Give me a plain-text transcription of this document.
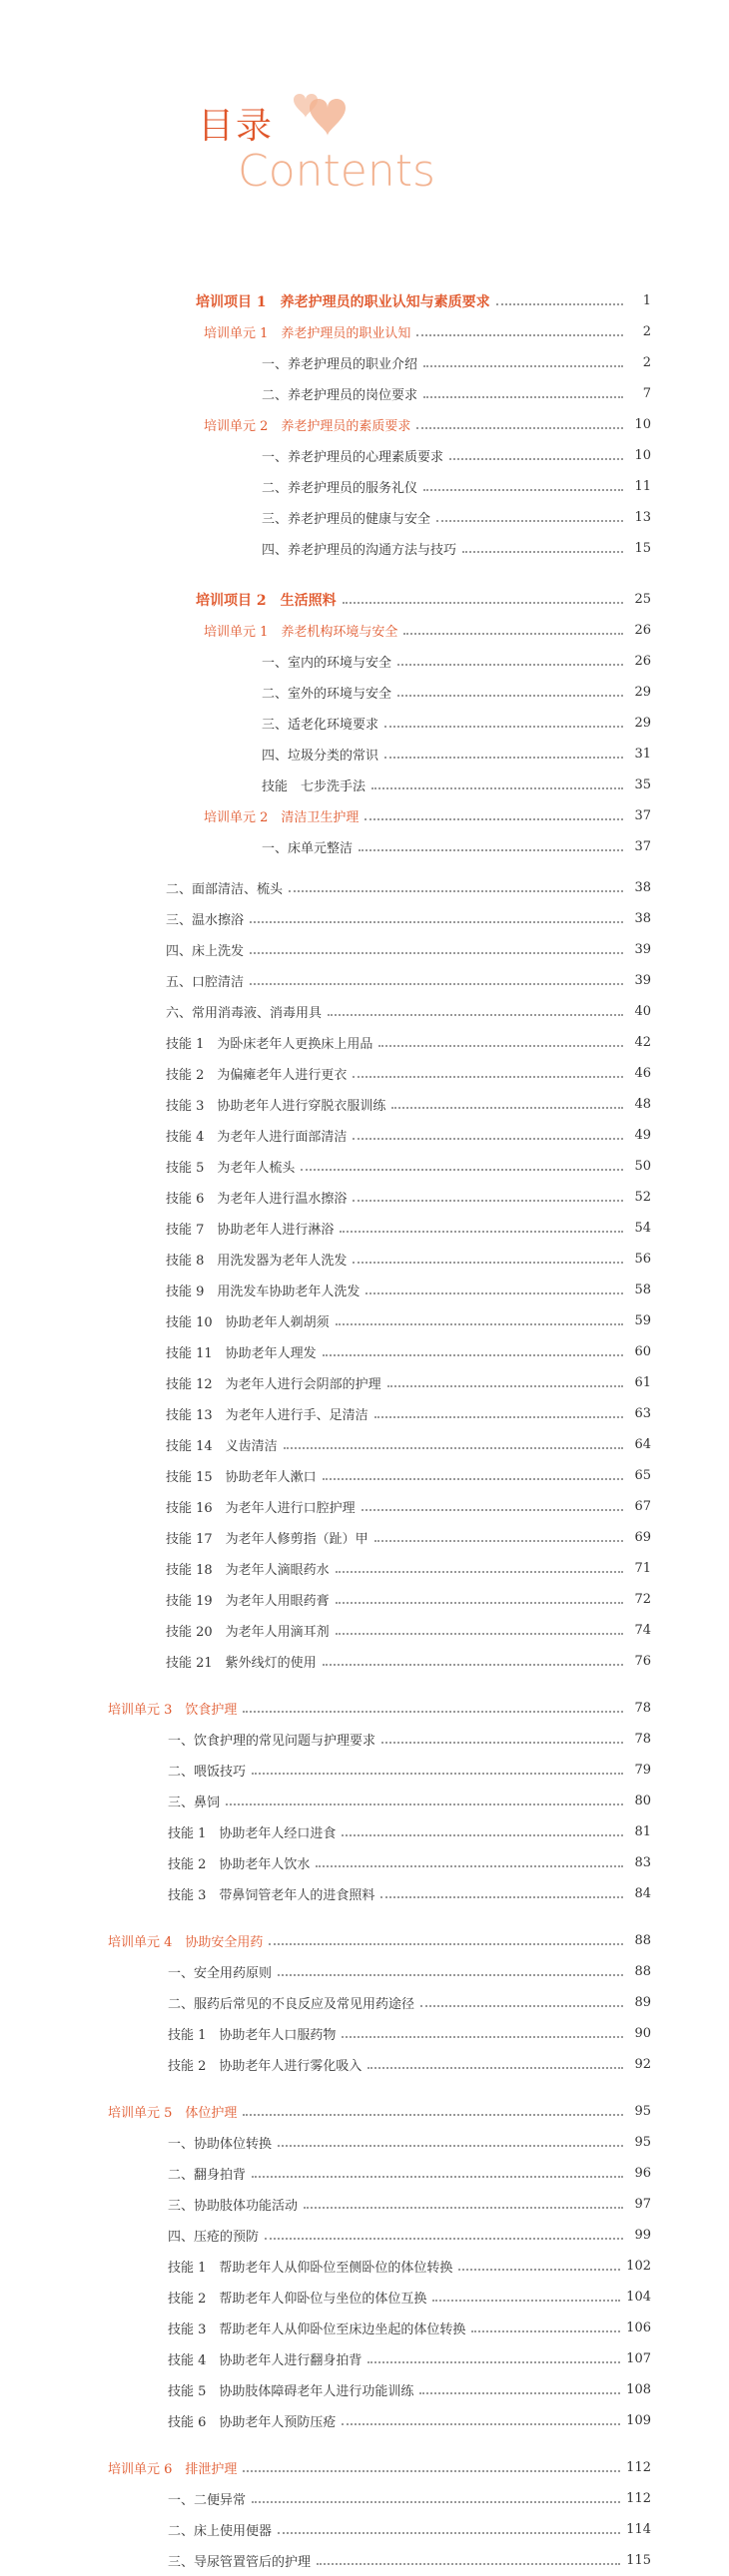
目录
Contents
培训项目 1　养老护理员的职业认知与素质要求	1
培训单元 1　养老护理员的职业认知	2
一、养老护理员的职业介绍	2
二、养老护理员的岗位要求	7
培训单元 2　养老护理员的素质要求	10
一、养老护理员的心理素质要求	10
二、养老护理员的服务礼仪	11
三、养老护理员的健康与安全	13
四、养老护理员的沟通方法与技巧	15
培训项目 2　生活照料	25
培训单元 1　养老机构环境与安全	26
一、室内的环境与安全	26
二、室外的环境与安全	29
三、适老化环境要求	29
四、垃圾分类的常识	31
技能　七步洗手法	35
培训单元 2　清洁卫生护理	37
一、床单元整洁	37
二、面部清洁、梳头	38
三、温水擦浴	38
四、床上洗发	39
五、口腔清洁	39
六、常用消毒液、消毒用具	40
技能 1　为卧床老年人更换床上用品	42
技能 2　为偏瘫老年人进行更衣	46
技能 3　协助老年人进行穿脱衣服训练	48
技能 4　为老年人进行面部清洁	49
技能 5　为老年人梳头	50
技能 6　为老年人进行温水擦浴	52
技能 7　协助老年人进行淋浴	54
技能 8　用洗发器为老年人洗发	56
技能 9　用洗发车协助老年人洗发	58
技能 10　协助老年人剃胡须	59
技能 11　协助老年人理发	60
技能 12　为老年人进行会阴部的护理	61
技能 13　为老年人进行手、足清洁	63
技能 14　义齿清洁	64
技能 15　协助老年人漱口	65
技能 16　为老年人进行口腔护理	67
技能 17　为老年人修剪指（趾）甲	69
技能 18　为老年人滴眼药水	71
技能 19　为老年人用眼药膏	72
技能 20　为老年人用滴耳剂	74
技能 21　紫外线灯的使用	76
培训单元 3　饮食护理	78
一、饮食护理的常见问题与护理要求	78
二、喂饭技巧	79
三、鼻饲	80
技能 1　协助老年人经口进食	81
技能 2　协助老年人饮水	83
技能 3　带鼻饲管老年人的进食照料	84
培训单元 4　协助安全用药	88
一、安全用药原则	88
二、服药后常见的不良反应及常见用药途径	89
技能 1　协助老年人口服药物	90
技能 2　协助老年人进行雾化吸入	92
培训单元 5　体位护理	95
一、协助体位转换	95
二、翻身拍背	96
三、协助肢体功能活动	97
四、压疮的预防	99
技能 1　帮助老年人从仰卧位至侧卧位的体位转换	102
技能 2　帮助老年人仰卧位与坐位的体位互换	104
技能 3　帮助老年人从仰卧位至床边坐起的体位转换	106
技能 4　协助老年人进行翻身拍背	107
技能 5　协助肢体障碍老年人进行功能训练	108
技能 6　协助老年人预防压疮	109
培训单元 6　排泄护理	112
一、二便异常	112
二、床上使用便器	114
三、导尿管置管后的护理	115
